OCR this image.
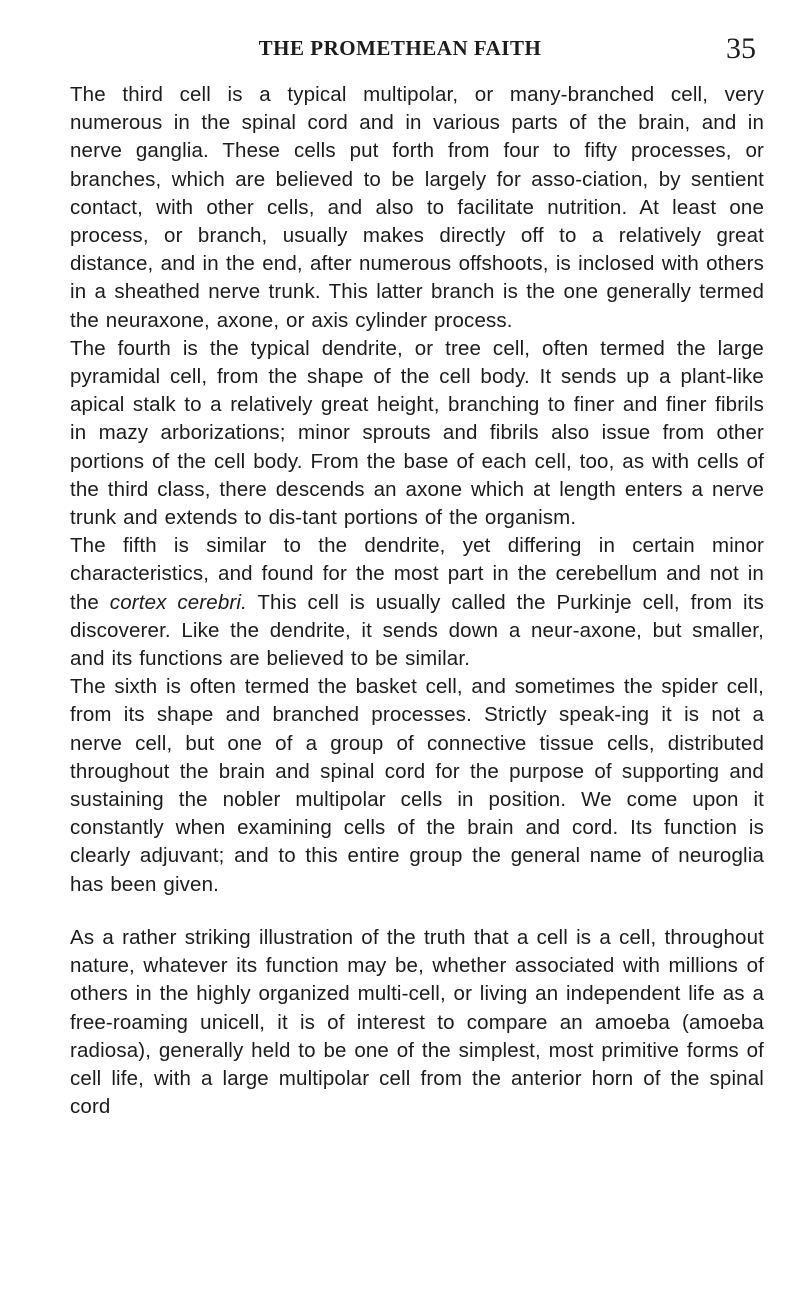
THE PROMETHEAN FAITH	35

The third cell is a typical multipolar, or many-branched cell, very numerous in the spinal cord and in various parts of the brain, and in nerve ganglia. These cells put forth from four to fifty processes, or branches, which are believed to be largely for asso-ciation, by sentient contact, with other cells, and also to facilitate nutrition. At least one process, or branch, usually makes directly off to a relatively great distance, and in the end, after numerous offshoots, is inclosed with others in a sheathed nerve trunk. This latter branch is the one generally termed the neuraxone, axone, or axis cylinder process.

The fourth is the typical dendrite, or tree cell, often termed the large pyramidal cell, from the shape of the cell body. It sends up a plant-like apical stalk to a relatively great height, branching to finer and finer fibrils in mazy arborizations; minor sprouts and fibrils also issue from other portions of the cell body. From the base of each cell, too, as with cells of the third class, there descends an axone which at length enters a nerve trunk and extends to dis-tant portions of the organism.

The fifth is similar to the dendrite, yet differing in certain minor characteristics, and found for the most part in the cerebellum and not in the cortex cerebri. This cell is usually called the Purkinje cell, from its discoverer. Like the dendrite, it sends down a neur-axone, but smaller, and its functions are believed to be similar.

The sixth is often termed the basket cell, and sometimes the spider cell, from its shape and branched processes. Strictly speak-ing it is not a nerve cell, but one of a group of connective tissue cells, distributed throughout the brain and spinal cord for the purpose of supporting and sustaining the nobler multipolar cells in position. We come upon it constantly when examining cells of the brain and cord. Its function is clearly adjuvant; and to this entire group the general name of neuroglia has been given.

As a rather striking illustration of the truth that a cell is a cell, throughout nature, whatever its function may be, whether associated with millions of others in the highly organized multi-cell, or living an independent life as a free-roaming unicell, it is of interest to compare an amoeba (amoeba radiosa), generally held to be one of the simplest, most primitive forms of cell life, with a large multipolar cell from the anterior horn of the spinal cord
